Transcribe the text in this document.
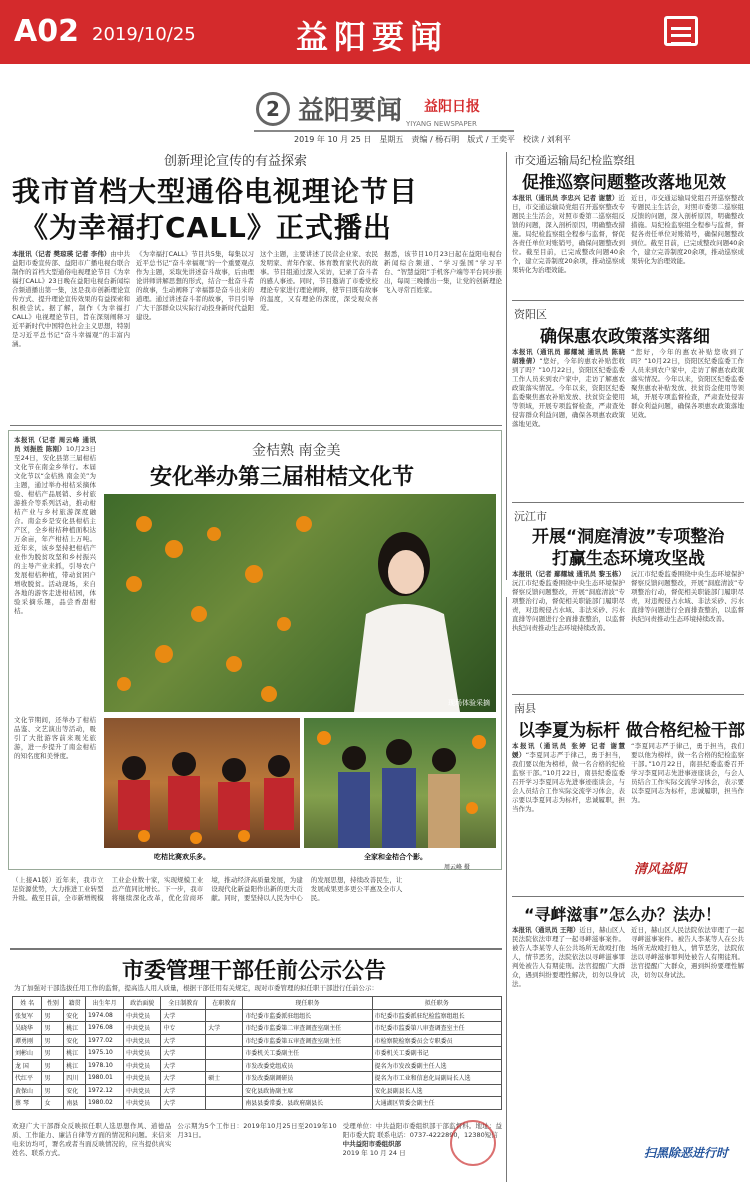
A02 2019/10/25	益阳要闻
2 益阳要闻 YIYANG NEWSPAPER
益阳日报
2019 年 10 月 25 日　星期五　责编 / 杨石明　版式 / 王奕平　校读 / 刘利平
创新理论宣传的有益探索
我市首档大型通俗电视理论节目
《为幸福打CALL》正式播出
本报讯（记者 樊琼瑛 记者 李伟）由中共益阳市委宣传部、益阳市广播电视台联合制作的首档大型通俗电视理论节目《为幸福打CALL》23日晚在益阳电视台新闻综合频道播出第一集，这是我市创新理论宣传方式、提升理论宣传效果的有益探索和积极尝试。据了解，制作《为幸福打CALL》电视理论节目，旨在深刻阐释习近平新时代中国特色社会主义思想，特别是习近平总书记“奋斗幸福观”的丰富内涵。
《为幸福打CALL》节目共5集，每集以习近平总书记“奋斗幸福观”的一个重要观点作为主题，采取先讲述奋斗故事，后由理论讲师讲解思想的形式，结合一批奋斗者的故事，生动阐释了幸福都是奋斗出来的道理。通过讲述奋斗者的故事，节目引导广大干部群众以实际行动投身新时代益阳建设。
这个主题，主要讲述了民营企业家、农民发明家、青年作家、体育教育家代表的故事。节目组通过深入采访，记录了奋斗者的感人事迹。同时，节目邀请了市委党校理论专家进行理论阐释，使节目既有故事的温度，又有理论的深度，深受观众喜爱。
据悉，该节目10月23日起在益阳电视台新闻综合频道、“学习强国”学习平台、“智慧益阳”手机客户端等平台同步推出，每周三晚播出一集，让党的创新理论飞入寻常百姓家。
本报讯（记者 周云峰 通讯员 刘振胜 陈刚）10月23日至24日，安化县第三届柑桔文化节在南金乡举行。本届文化节以“金桔熟 南金美”为主题，通过举办柑桔采摘体验、柑桔产品展销、乡村旅游推介等系列活动，推动柑桔产业与乡村旅游深度融合。南金乡是安化县柑桔主产区，全乡柑桔种植面积达万余亩，年产柑桔上万吨。近年来，该乡坚持把柑桔产业作为脱贫攻坚和乡村振兴的主导产业来抓，引导农户发展柑桔种植，带动贫困户增收脱贫。活动现场，来自各地的游客走进柑桔园，体验采摘乐趣，品尝香甜柑桔。
金桔熟 南金美
安化举办第三届柑桔文化节
现场体验采摘
文化节期间，还举办了柑桔品鉴、文艺演出等活动，吸引了大批游客前来观光旅游，进一步提升了南金柑桔的知名度和美誉度。
吃桔比赛欢乐多。	全家和金桔合个影。
周云峰 摄
（上接A1版）近年来，我市立足资源优势，大力推进工业转型升级。截至目前，全市新增规模工业企业数十家，实现规模工业总产值同比增长。下一步，我市将继续深化改革，优化营商环境，推动经济高质量发展，为建设现代化新益阳作出新的更大贡献。同时，要坚持以人民为中心的发展思想，持续改善民生，让发展成果更多更公平惠及全市人民。
市交通运输局纪检监察组
促推巡察问题整改落地见效
本报讯（通讯员 李忠兴 记者 谢慧）近日，市交通运输局党组召开巡察整改专题民主生活会，对照市委第二巡察组反馈的问题，深入剖析原因，明确整改措施。局纪检监察组全程参与监督，督促各责任单位对账销号，确保问题整改到位。截至目前，已完成整改问题40余个，建立完善制度20余项，推动巡察成果转化为治理效能。
近日，市交通运输局党组召开巡察整改专题民主生活会，对照市委第二巡察组反馈的问题，深入剖析原因，明确整改措施。局纪检监察组全程参与监督，督促各责任单位对账销号，确保问题整改到位。截至目前，已完成整改问题40余个，建立完善制度20余项，推动巡察成果转化为治理效能。
资阳区
确保惠农政策落实落细
本报讯（通讯员 鄢耀城 通讯员 陈晓 胡雅倩）“您好，今年的惠农补贴您收到了吗？”10月22日，资阳区纪委监委工作人员来到农户家中，走访了解惠农政策落实情况。今年以来，资阳区纪委监委聚焦惠农补贴发放、扶贫资金使用等领域，开展专项监督检查，严肃查处侵害群众利益问题，确保各项惠农政策落地见效。
“您好，今年的惠农补贴您收到了吗？”10月22日，资阳区纪委监委工作人员来到农户家中，走访了解惠农政策落实情况。今年以来，资阳区纪委监委聚焦惠农补贴发放、扶贫资金使用等领域，开展专项监督检查，严肃查处侵害群众利益问题，确保各项惠农政策落地见效。
沅江市
开展“洞庭清波”专项整治
打赢生态环境攻坚战
本报讯（记者 鄢耀城 通讯员 黎玉栋）沅江市纪委监委围绕中央生态环境保护督察反馈问题整改，开展“洞庭清波”专项整治行动，督促相关职能部门履职尽责，对违规侵占水域、非法采砂、污水直排等问题进行全面排查整治，以监督执纪问责推动生态环境持续改善。
沅江市纪委监委围绕中央生态环境保护督察反馈问题整改，开展“洞庭清波”专项整治行动，督促相关职能部门履职尽责，对违规侵占水域、非法采砂、污水直排等问题进行全面排查整治，以监督执纪问责推动生态环境持续改善。
南县
以李夏为标杆 做合格纪检干部
本报讯（通讯员 张婷 记者 谢慧媛）“李夏同志严于律己，勇于担当，我们要以他为榜样，做一名合格的纪检监察干部。”10月22日，南县纪委监委召开学习李夏同志先进事迹座谈会，与会人员结合工作实际交流学习体会，表示要以李夏同志为标杆，忠诚履职，担当作为。
“李夏同志严于律己，勇于担当，我们要以他为榜样，做一名合格的纪检监察干部。”10月22日，南县纪委监委召开学习李夏同志先进事迹座谈会，与会人员结合工作实际交流学习体会，表示要以李夏同志为标杆，忠诚履职，担当作为。
清风益阳
“寻衅滋事”怎么办？法办！
本报讯（通讯员 王翔）近日，赫山区人民法院依法审理了一起寻衅滋事案件。被告人李某等人在公共场所无故殴打他人，情节恶劣，法院依法以寻衅滋事罪判处被告人有期徒刑。法官提醒广大群众，遇到纠纷要理性解决，切勿以身试法。
近日，赫山区人民法院依法审理了一起寻衅滋事案件。被告人李某等人在公共场所无故殴打他人，情节恶劣，法院依法以寻衅滋事罪判处被告人有期徒刑。法官提醒广大群众，遇到纠纷要理性解决，切勿以身试法。
扫黑除恶进行时
市委管理干部任前公示公告
为了加强对干部选拔任用工作的监督，提高选人用人质量，根据干部任用有关规定，现对市委管理的拟任职干部进行任前公示：
姓 名	性别	籍贯	出生年月	政治面貌	全日制教育	在职教育	现任职务	拟任职务
张复军	男	安化	1974.08	中共党员	大学		市纪委市监委派驻组组长	市纪委市监委派驻纪检监察组组长
吴晓华	男	桃江	1976.08	中共党员	中专	大学	市纪委市监委第二审查调查室副主任	市纪委市监委第八审查调查室主任
谭勇刚	男	安化	1977.02	中共党员	大学		市纪委市监委第五审查调查室副主任	市检察院检察委员会专职委员
刘彬山	男	桃江	1975.10	中共党员	大学		市委机关工委副主任	市委机关工委副书记
龙 国	男	桃江	1978.10	中共党员	大学		市发改委党组成员	提名为市发改委副主任人选
代红平	男	四川	1980.01	中共党员	大学	硕士	市发改委副调研员	提名为市工业和信息化局副局长人选
黄保山	男	安化	1972.12	中共党员	大学		安化县政协副主席	安化县副县长人选
蔡 琴	女	南县	1980.02	中共党员	大学		南县县委常委、县政府副县长	大通湖区管委会副主任
欢迎广大干部群众反映拟任职人选思想作风、道德品质、工作能力、廉洁自律等方面的情况和问题。来信来电来访均可，署名或者当面反映情况的，应当提供真实姓名、联系方式。
公示期为5个工作日：2019年10月25日至2019年10月31日。
受理单位：中共益阳市委组织部干部监督科。地址：益阳市委大院 联系电话：0737-4222890，12380短信
中共益阳市委组织部
2019 年 10 月 24 日
